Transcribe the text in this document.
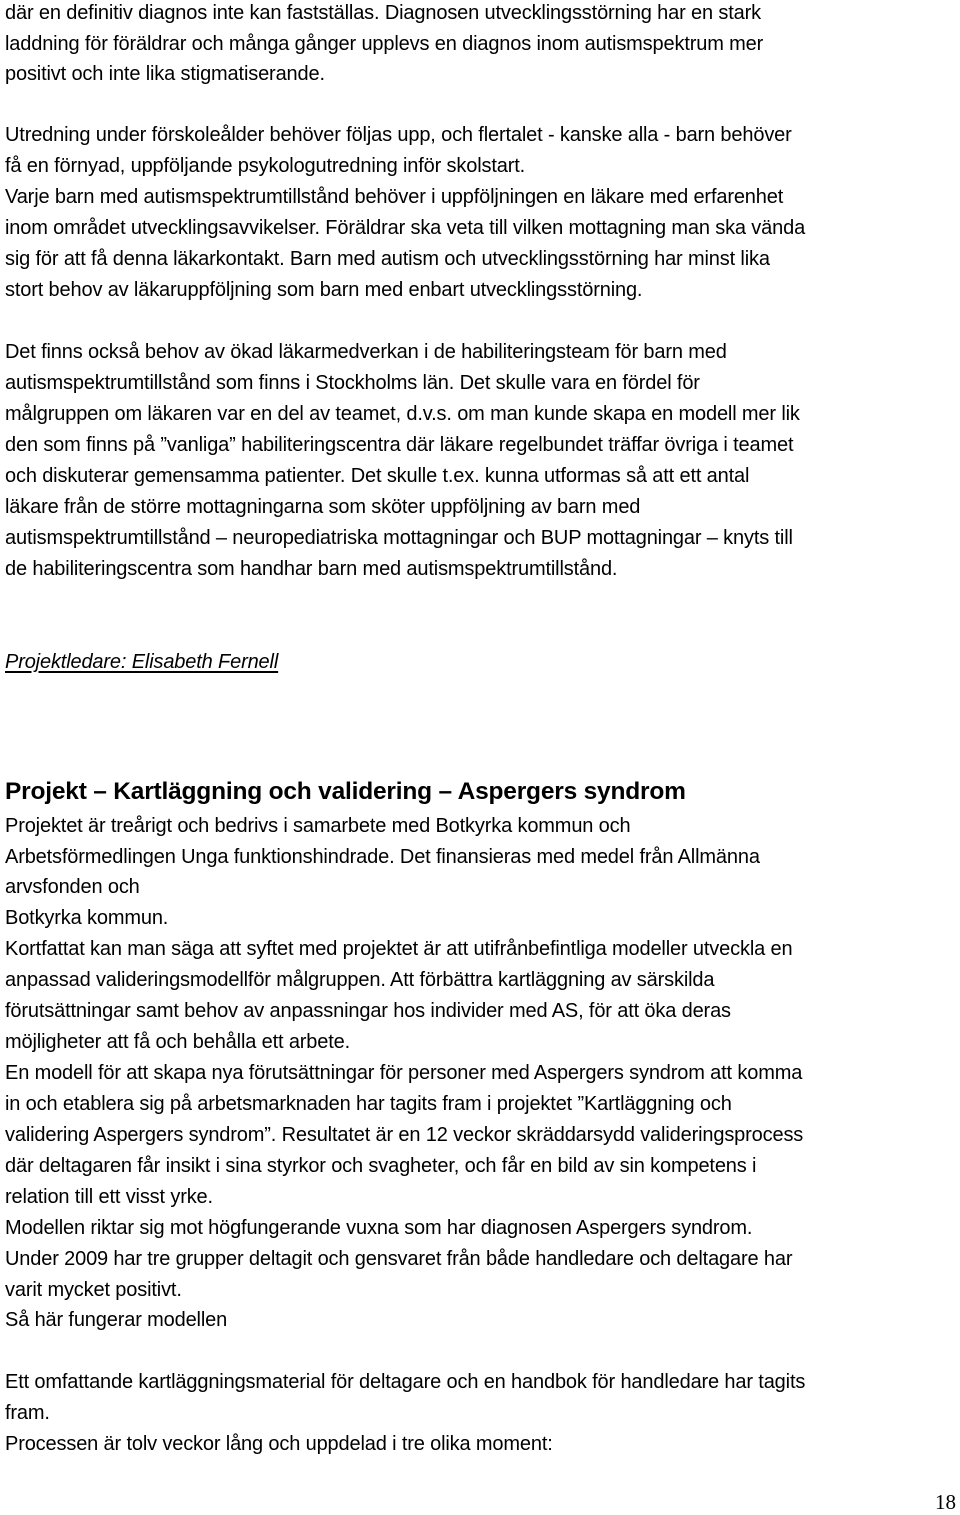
där en definitiv diagnos inte kan fastställas. Diagnosen utvecklingsstörning har en stark
laddning för föräldrar och många gånger upplevs en diagnos inom autismspektrum mer
positivt och inte lika stigmatiserande.
Utredning under förskoleålder behöver följas upp, och flertalet - kanske alla - barn behöver
få en förnyad, uppföljande psykologutredning inför skolstart.
Varje barn med autismspektrumtillstånd behöver i uppföljningen en läkare med erfarenhet
inom området utvecklingsavvikelser. Föräldrar ska veta till vilken mottagning man ska vända
sig för att få denna läkarkontakt. Barn med autism och utvecklingsstörning har minst lika
stort behov av läkaruppföljning som barn med enbart utvecklingsstörning.
Det finns också behov av ökad läkarmedverkan i de habiliteringsteam för barn med
autismspektrumtillstånd som finns i Stockholms län. Det skulle vara en fördel för
målgruppen om läkaren var en del av teamet, d.v.s. om man kunde skapa en modell mer lik
den som finns på ”vanliga” habiliteringscentra där läkare regelbundet träffar övriga i teamet
och diskuterar gemensamma patienter. Det skulle t.ex. kunna utformas så att ett antal
läkare från de större mottagningarna som sköter uppföljning av barn med
autismspektrumtillstånd – neuropediatriska mottagningar och BUP mottagningar – knyts till
de habiliteringscentra som handhar barn med autismspektrumtillstånd.
Projektledare: Elisabeth Fernell
Projekt – Kartläggning och validering – Aspergers syndrom
Projektet är treårigt och bedrivs i samarbete med Botkyrka kommun och
Arbetsförmedlingen Unga funktionshindrade. Det finansieras med medel från Allmänna
arvsfonden och
Botkyrka kommun.
Kortfattat kan man säga att syftet med projektet är att utifrånbefintliga modeller utveckla en
anpassad valideringsmodellför målgruppen. Att förbättra kartläggning av särskilda
förutsättningar samt behov av anpassningar hos individer med AS, för att öka deras
möjligheter att få och behålla ett arbete.
En modell för att skapa nya förutsättningar för personer med Aspergers syndrom att komma
in och etablera sig på arbetsmarknaden har tagits fram i projektet ”Kartläggning och
validering Aspergers syndrom”. Resultatet är en 12 veckor skräddarsydd valideringsprocess
där deltagaren får insikt i sina styrkor och svagheter, och får en bild av sin kompetens i
relation till ett visst yrke.
Modellen riktar sig mot högfungerande vuxna som har diagnosen Aspergers syndrom.
Under 2009 har tre grupper deltagit och gensvaret från både handledare och deltagare har
varit mycket positivt.
Så här fungerar modellen
Ett omfattande kartläggningsmaterial för deltagare och en handbok för handledare har tagits
fram.
Processen är tolv veckor lång och uppdelad i tre olika moment:
18
